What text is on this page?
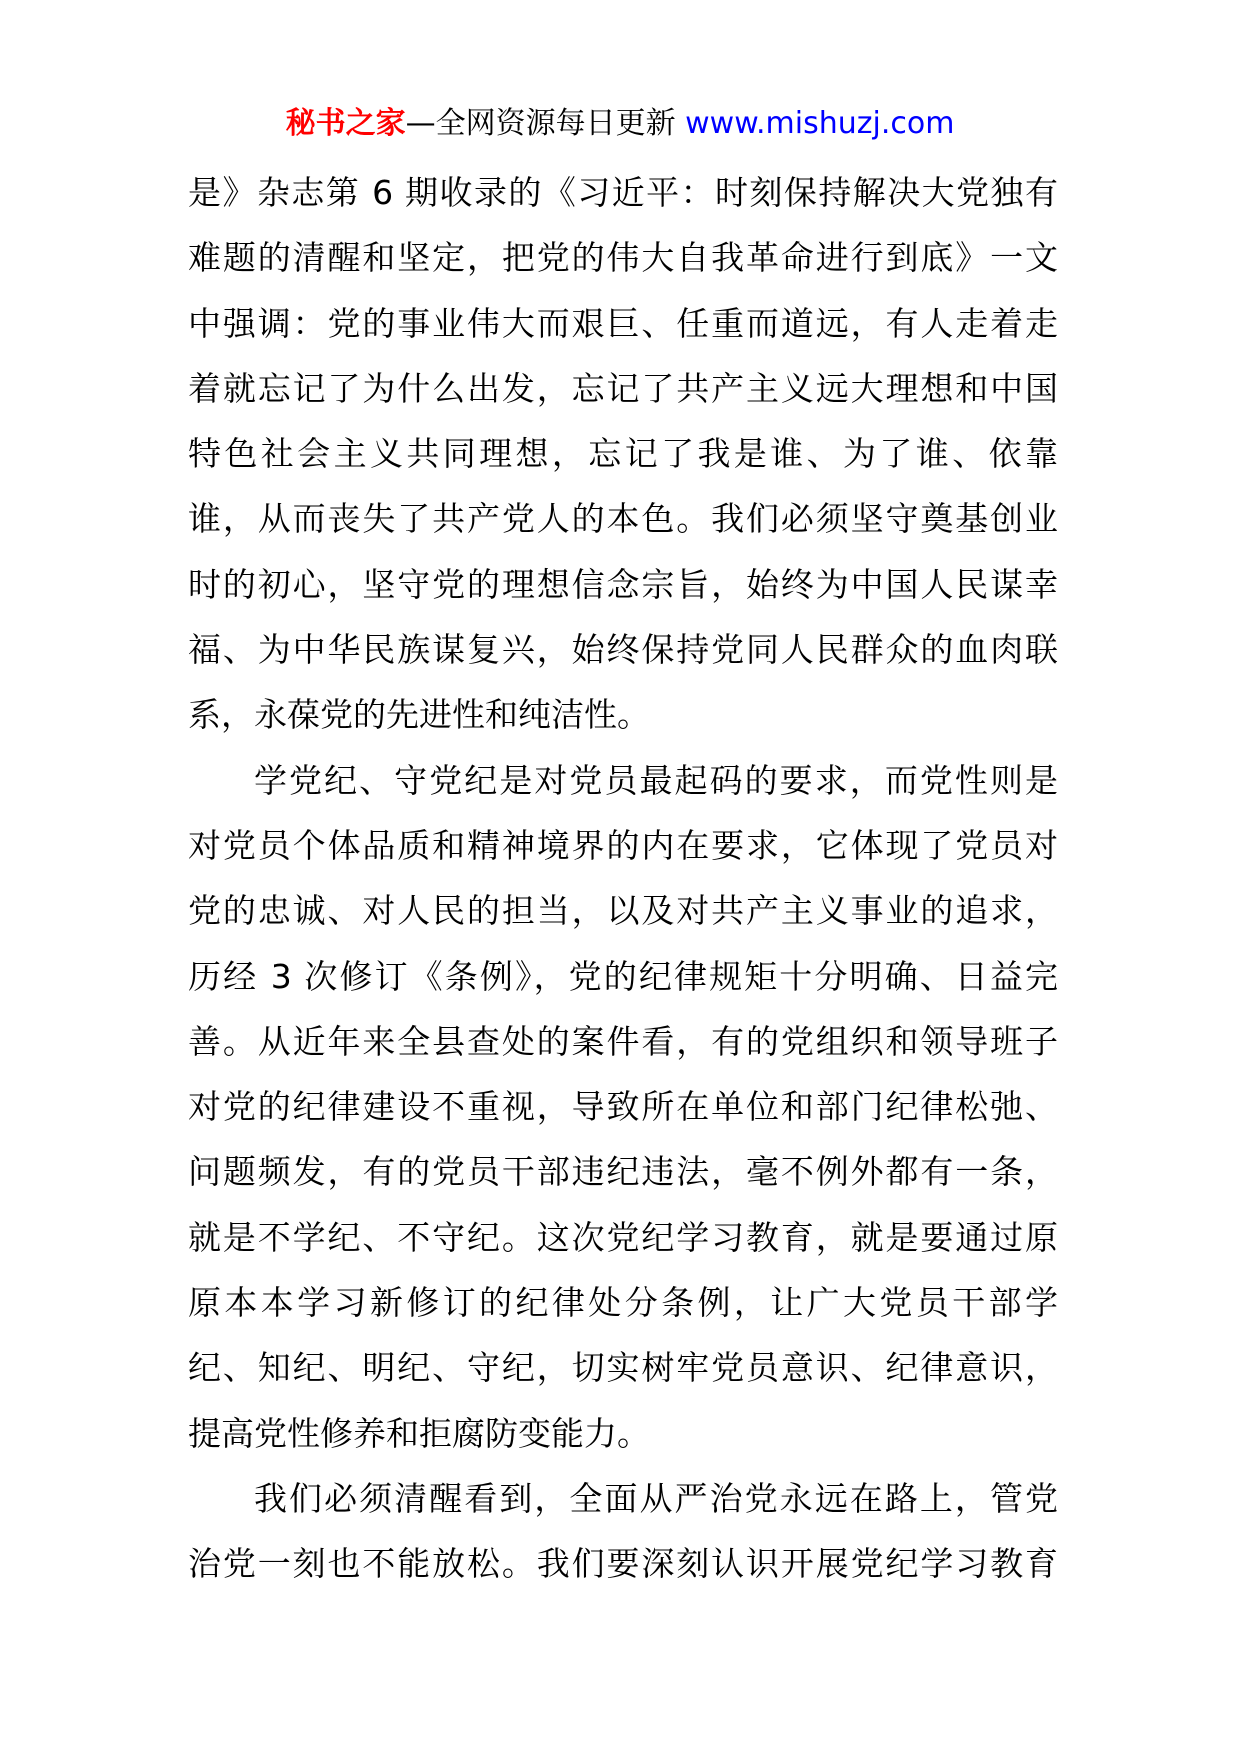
秘书之家—全网资源每日更新 www.mishuzj.com
是》杂志第 6 期收录的《习近平：时刻保持解决大党独有
难题的清醒和坚定，把党的伟大自我革命进行到底》一文
中强调：党的事业伟大而艰巨、任重而道远，有人走着走
着就忘记了为什么出发，忘记了共产主义远大理想和中国
特色社会主义共同理想，忘记了我是谁、为了谁、依靠
谁，从而丧失了共产党人的本色。我们必须坚守奠基创业
时的初心，坚守党的理想信念宗旨，始终为中国人民谋幸
福、为中华民族谋复兴，始终保持党同人民群众的血肉联
系，永葆党的先进性和纯洁性。
学党纪、守党纪是对党员最起码的要求，而党性则是
对党员个体品质和精神境界的内在要求，它体现了党员对
党的忠诚、对人民的担当，以及对共产主义事业的追求，
历经 3 次修订《条例》，党的纪律规矩十分明确、日益完
善。从近年来全县查处的案件看，有的党组织和领导班子
对党的纪律建设不重视，导致所在单位和部门纪律松弛、
问题频发，有的党员干部违纪违法，毫不例外都有一条，
就是不学纪、不守纪。这次党纪学习教育，就是要通过原
原本本学习新修订的纪律处分条例，让广大党员干部学
纪、知纪、明纪、守纪，切实树牢党员意识、纪律意识，
提高党性修养和拒腐防变能力。
我们必须清醒看到，全面从严治党永远在路上，管党
治党一刻也不能放松。我们要深刻认识开展党纪学习教育
